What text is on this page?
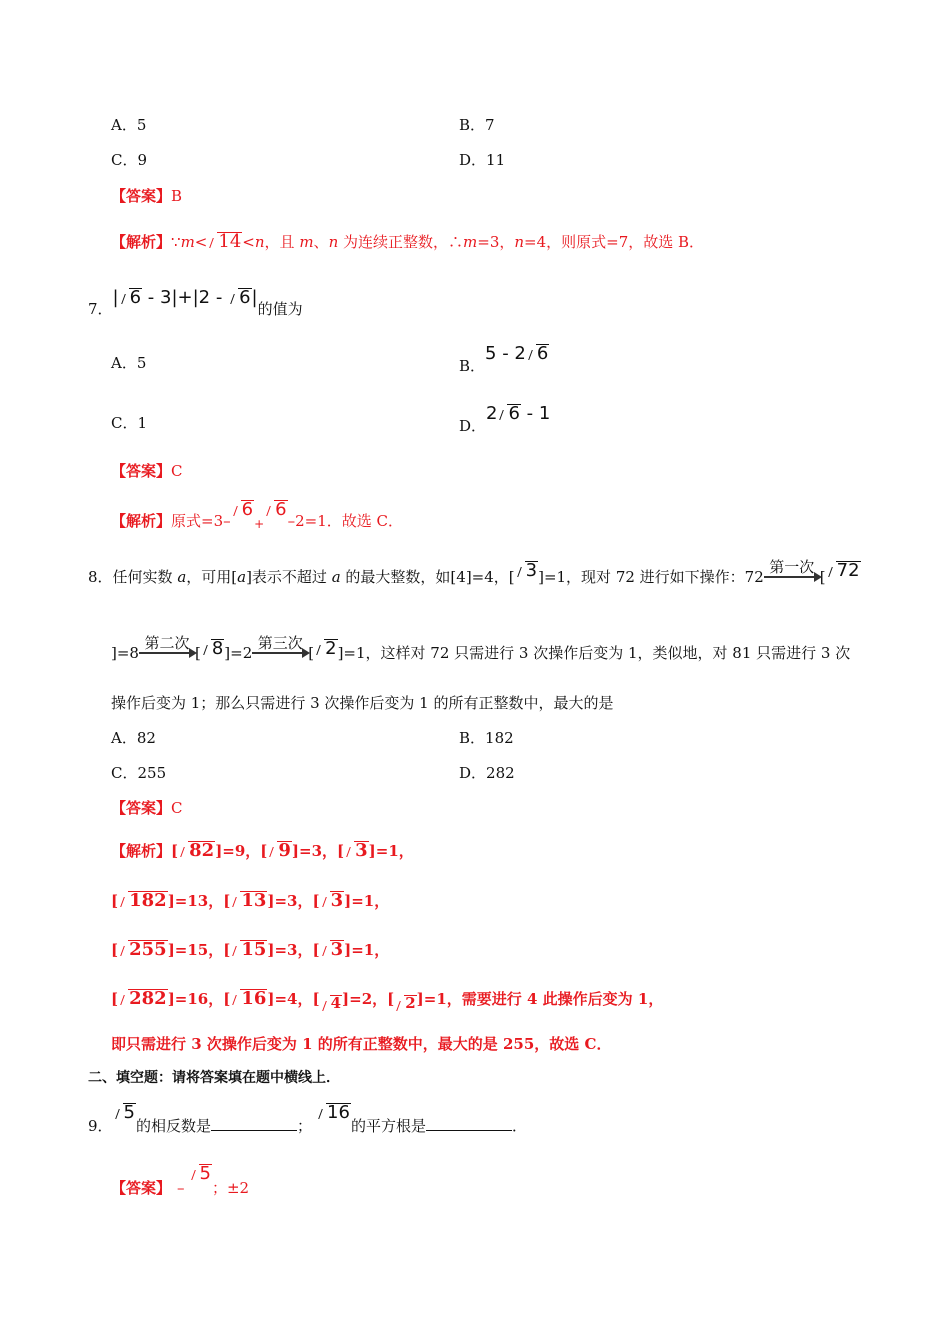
A．5	B．7
C．9	D．11
【答案】B
【解析】∵m< 14<n，且 m、n 为连续正整数，∴m=3，n=4，则原式=7，故选 B．
7．| 6 - 3|+|2 - 6|的值为
A．5	B．5 - 2 6
C．1	D．2 6 - 1
【答案】C
【解析】原式$=3-6_+6-2=1$．故选 C．
8．任何实数 a，可用[a]表示不超过 a 的最大整数，如[4]=4，[ 3]=1，现对 72 进行如下操作：72
第一次
[ 72
]=8
第二次
[ 8]=2
第三次
[ 2]=1，这样对 72 只需进行 3 次操作后变为 1，类似地，对 81 只需进行 3 次
操作后变为 1；那么只需进行 3 次操作后变为 1 的所有正整数中，最大的是
A．82	B．182
C．255	D．282
【答案】C
【解析】[ 82]=9，[ 9]=3，[ 3]=1，
[ 182]=13，[ 13]=3，[ 3]=1，
[ 255]=15，[ 15]=3，[ 3]=1，
[ 282]=16，[ 16]=4，[ 4]=2，[ 2]=1，需要进行 4 此操作后变为 1，
即只需进行 3 次操作后变为 1 的所有正整数中，最大的是 255，故选 C．
二、填空题：请将答案填在题中横线上．
9．5的相反数是	；16的平方根是	．
【答案】 –5；±2
